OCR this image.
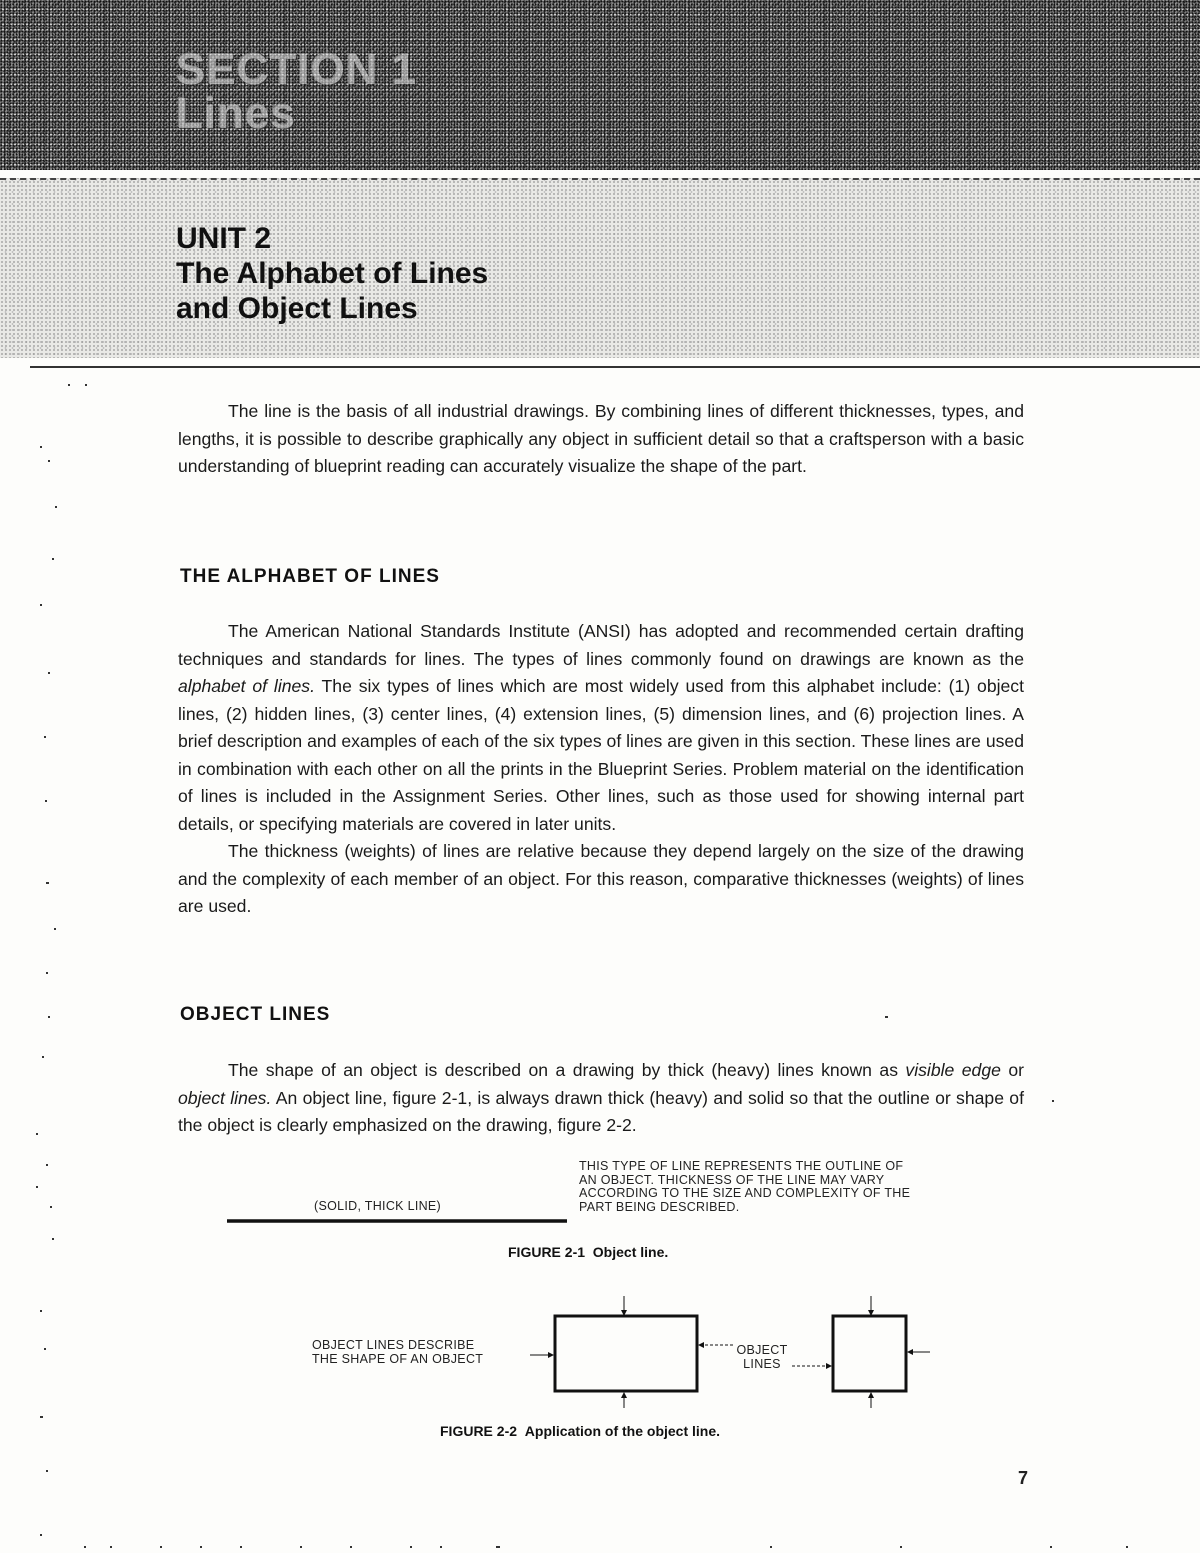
SECTION 1
Lines
UNIT 2
The Alphabet of Lines
and Object Lines

The line is the basis of all industrial drawings. By combining lines of different thicknesses, types, and lengths, it is possible to describe graphically any object in sufficient detail so that a craftsperson with a basic understanding of blueprint reading can accurately visualize the shape of the part.

THE ALPHABET OF LINES

The American National Standards Institute (ANSI) has adopted and recommended certain drafting techniques and standards for lines. The types of lines commonly found on drawings are known as the alphabet of lines. The six types of lines which are most widely used from this alphabet include: (1) object lines, (2) hidden lines, (3) center lines, (4) extension lines, (5) dimension lines, and (6) projection lines. A brief description and examples of each of the six types of lines are given in this section. These lines are used in combination with each other on all the prints in the Blueprint Series. Problem material on the identification of lines is included in the Assignment Series. Other lines, such as those used for showing internal part details, or specifying materials are covered in later units.

The thickness (weights) of lines are relative because they depend largely on the size of the drawing and the complexity of each member of an object. For this reason, comparative thicknesses (weights) of lines are used.

OBJECT LINES

The shape of an object is described on a drawing by thick (heavy) lines known as visible edge or object lines. An object line, figure 2-1, is always drawn thick (heavy) and solid so that the outline or shape of the object is clearly emphasized on the drawing, figure 2-2.

(SOLID, THICK LINE)
THIS TYPE OF LINE REPRESENTS THE OUTLINE OF
AN OBJECT. THICKNESS OF THE LINE MAY VARY
ACCORDING TO THE SIZE AND COMPLEXITY OF THE
PART BEING DESCRIBED.
FIGURE 2-1 Object line.
OBJECT LINES DESCRIBE
THE SHAPE OF AN OBJECT
OBJECT
LINES
FIGURE 2-2 Application of the object line.
7
